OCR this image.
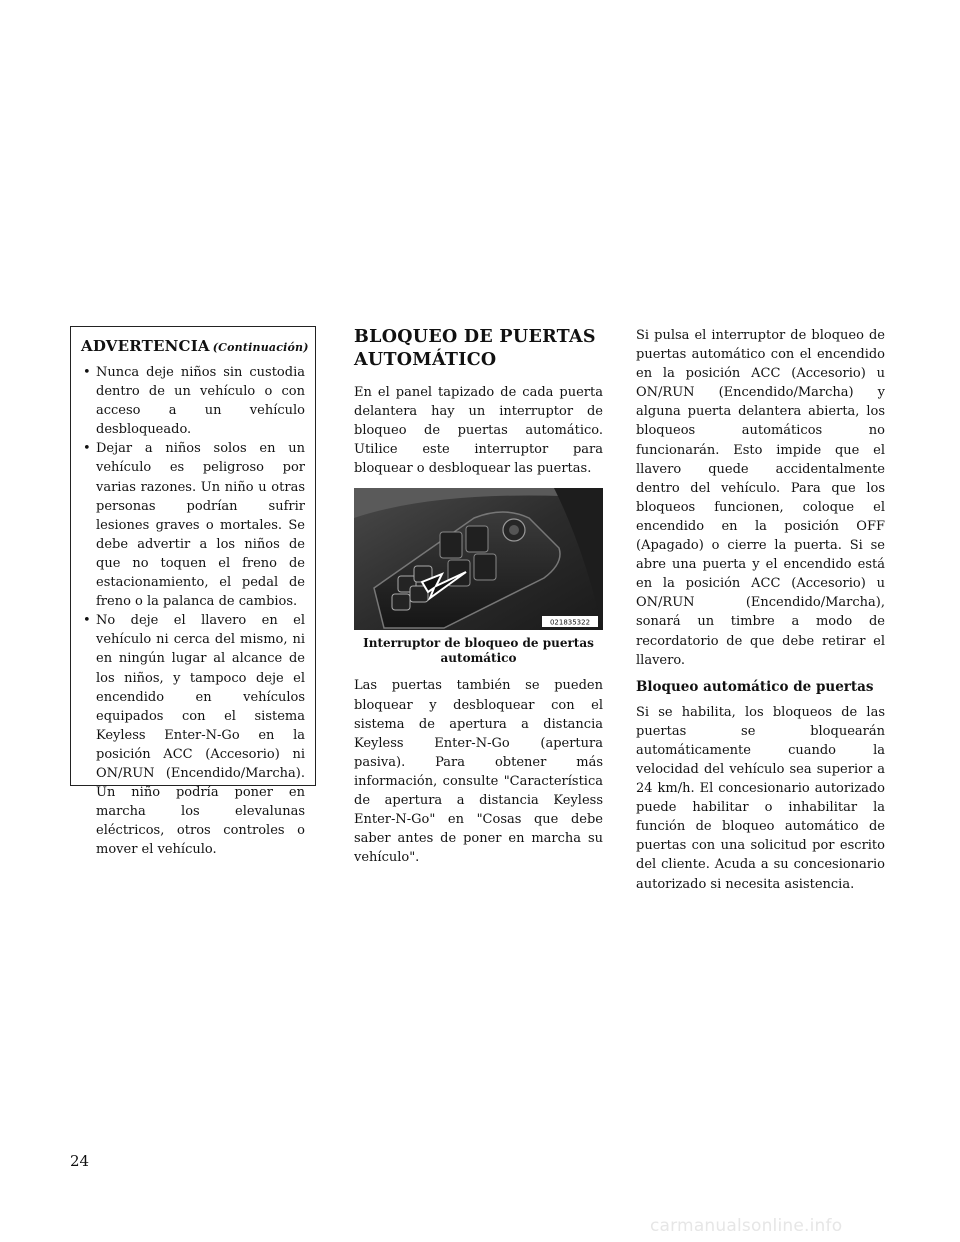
ADVERTENCIA (Continuación)
• Nunca deje niños sin custodia dentro de un vehículo o con acceso a un vehículo desbloqueado.
• Dejar a niños solos en un vehículo es peligroso por varias razones. Un niño u otras personas podrían sufrir lesiones graves o mortales. Se debe advertir a los niños de que no toquen el freno de estacionamiento, el pedal de freno o la palanca de cambios.
• No deje el llavero en el vehículo ni cerca del mismo, ni en ningún lugar al alcance de los niños, y tampoco deje el encendido en vehículos equipados con el sistema Keyless Enter-N-Go en la posición ACC (Accesorio) ni ON/RUN (Encendido/Marcha). Un niño podría poner en marcha los elevalunas eléctricos, otros controles o mover el vehículo.
BLOQUEO DE PUERTAS AUTOMÁTICO

En el panel tapizado de cada puerta delantera hay un interruptor de bloqueo de puertas automático. Utilice este interruptor para bloquear o desbloquear las puertas.

021835322
Interruptor de bloqueo de puertas automático

Las puertas también se pueden bloquear y desbloquear con el sistema de apertura a distancia Keyless Enter-N-Go (apertura pasiva). Para obtener más información, consulte "Característica de apertura a distancia Keyless Enter-N-Go" en "Cosas que debe saber antes de poner en marcha su vehículo".

Si pulsa el interruptor de bloqueo de puertas automático con el encendido en la posición ACC (Accesorio) u ON/RUN (Encendido/Marcha) y alguna puerta delantera abierta, los bloqueos automáticos no funcionarán. Esto impide que el llavero quede accidentalmente dentro del vehículo. Para que los bloqueos funcionen, coloque el encendido en la posición OFF (Apagado) o cierre la puerta. Si se abre una puerta y el encendido está en la posición ACC (Accesorio) u ON/RUN (Encendido/Marcha), sonará un timbre a modo de recordatorio de que debe retirar el llavero.

Bloqueo automático de puertas

Si se habilita, los bloqueos de las puertas se bloquearán automáticamente cuando la velocidad del vehículo sea superior a 24 km/h. El concesionario autorizado puede habilitar o inhabilitar la función de bloqueo automático de puertas con una solicitud por escrito del cliente. Acuda a su concesionario autorizado si necesita asistencia.

24
carmanualsonline.info
